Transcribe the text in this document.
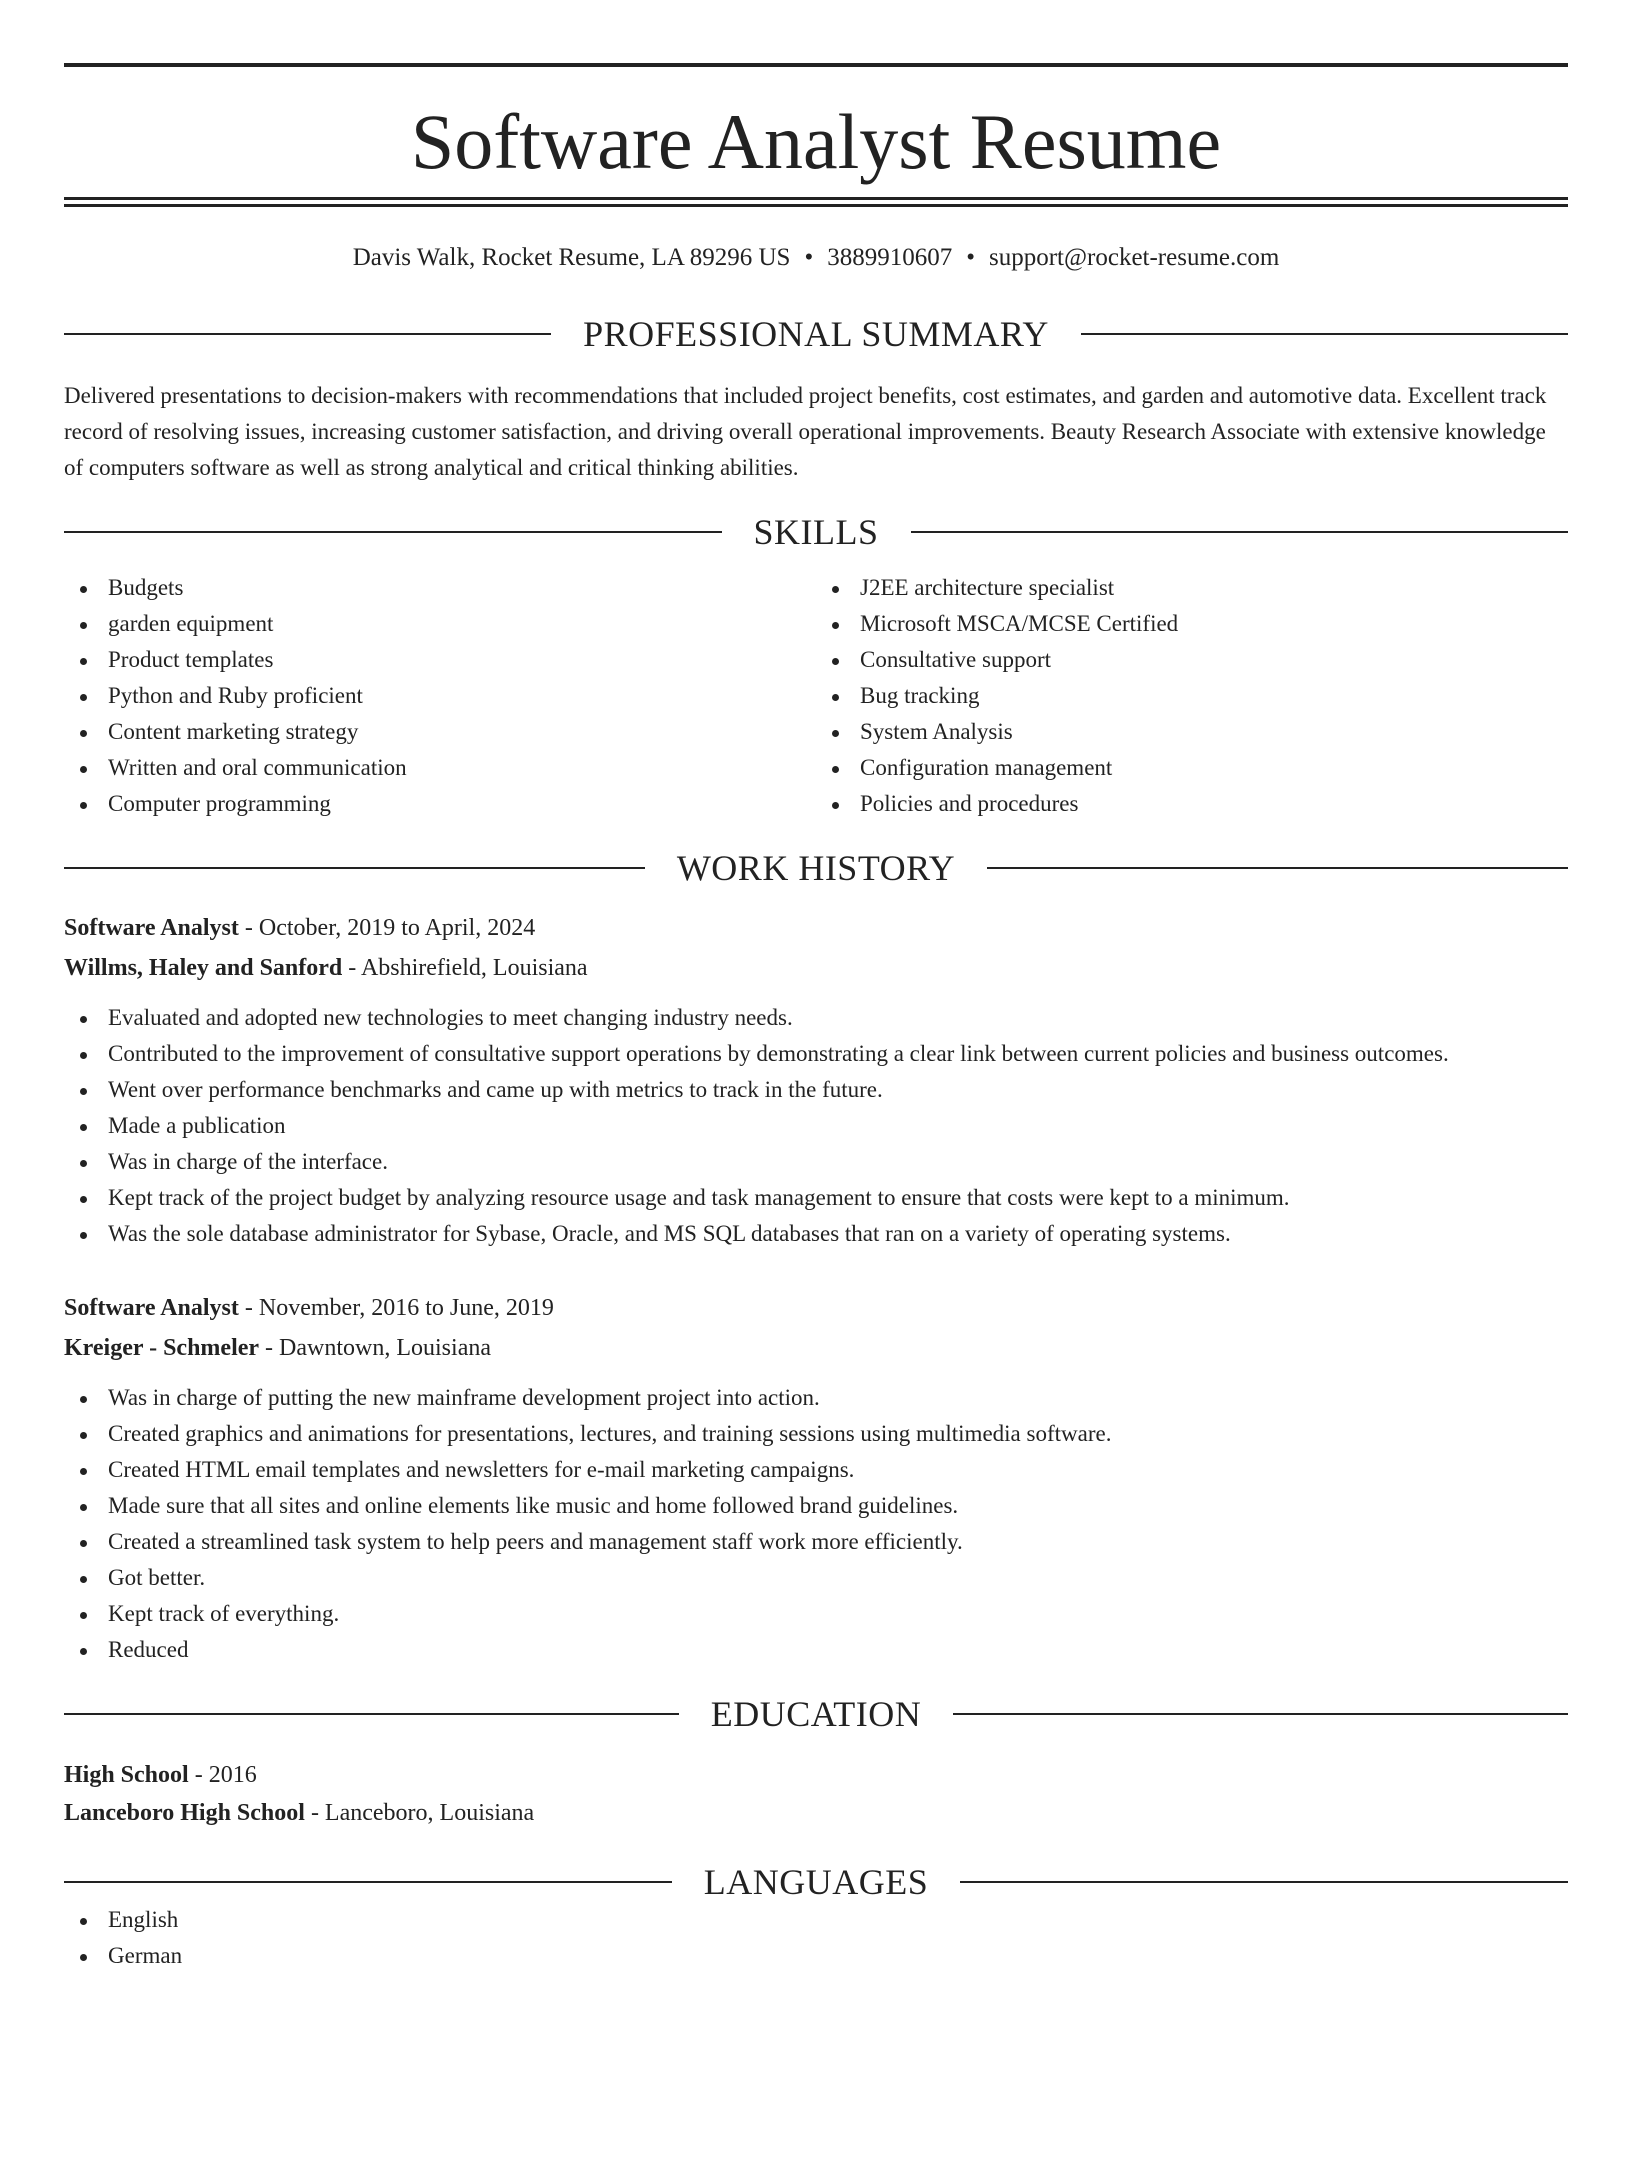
Software Analyst Resume
Davis Walk, Rocket Resume, LA 89296 US • 3889910607 • support@rocket-resume.com
PROFESSIONAL SUMMARY
Delivered presentations to decision-makers with recommendations that included project benefits, cost estimates, and garden and automotive data. Excellent track record of resolving issues, increasing customer satisfaction, and driving overall operational improvements. Beauty Research Associate with extensive knowledge of computers software as well as strong analytical and critical thinking abilities.
SKILLS
Budgets
garden equipment
Product templates
Python and Ruby proficient
Content marketing strategy
Written and oral communication
Computer programming
J2EE architecture specialist
Microsoft MSCA/MCSE Certified
Consultative support
Bug tracking
System Analysis
Configuration management
Policies and procedures
WORK HISTORY
Software Analyst - October, 2019 to April, 2024
Willms, Haley and Sanford - Abshirefield, Louisiana
Evaluated and adopted new technologies to meet changing industry needs.
Contributed to the improvement of consultative support operations by demonstrating a clear link between current policies and business outcomes.
Went over performance benchmarks and came up with metrics to track in the future.
Made a publication
Was in charge of the interface.
Kept track of the project budget by analyzing resource usage and task management to ensure that costs were kept to a minimum.
Was the sole database administrator for Sybase, Oracle, and MS SQL databases that ran on a variety of operating systems.
Software Analyst - November, 2016 to June, 2019
Kreiger - Schmeler - Dawntown, Louisiana
Was in charge of putting the new mainframe development project into action.
Created graphics and animations for presentations, lectures, and training sessions using multimedia software.
Created HTML email templates and newsletters for e-mail marketing campaigns.
Made sure that all sites and online elements like music and home followed brand guidelines.
Created a streamlined task system to help peers and management staff work more efficiently.
Got better.
Kept track of everything.
Reduced
EDUCATION
High School - 2016
Lanceboro High School - Lanceboro, Louisiana
LANGUAGES
English
German
